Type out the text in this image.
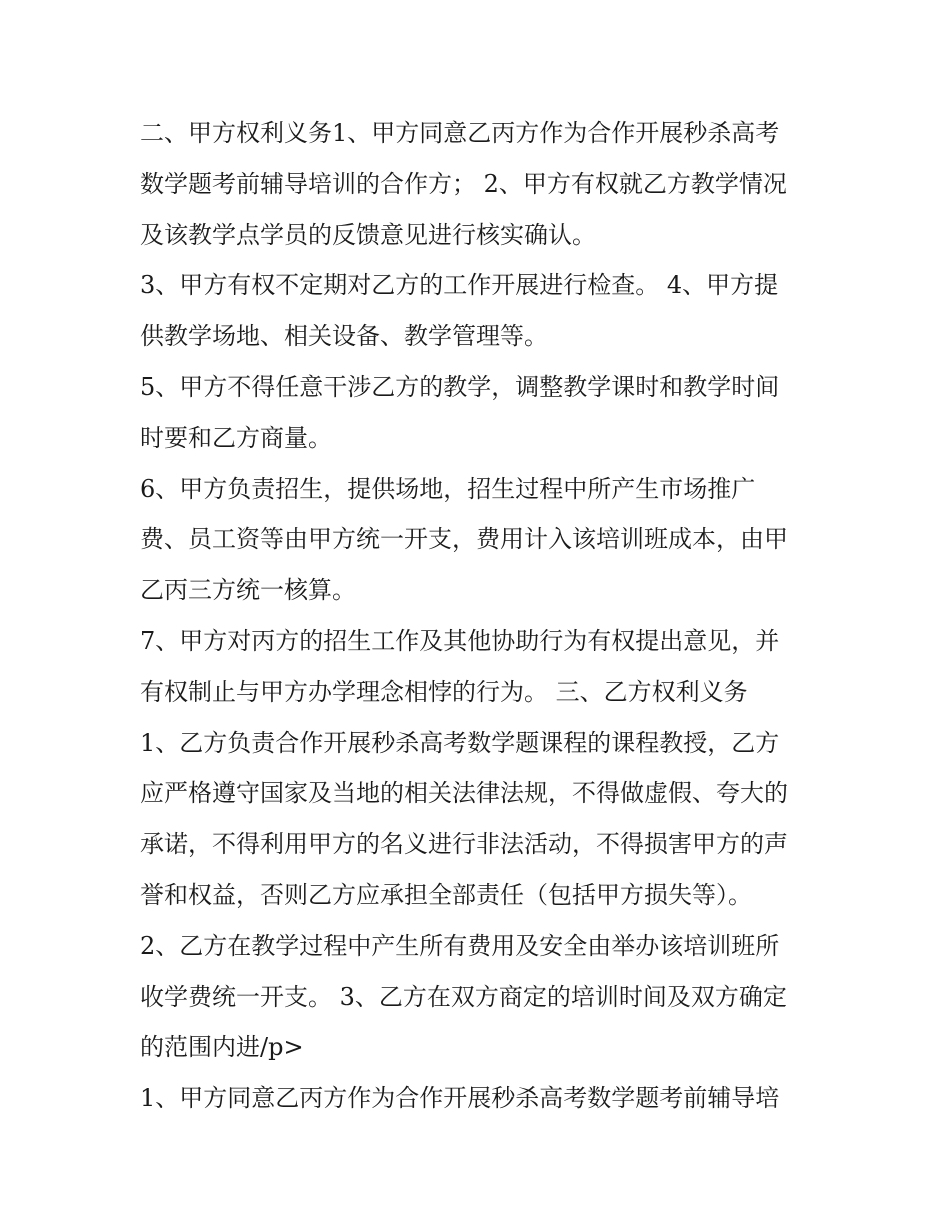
二、甲方权利义务1、甲方同意乙丙方作为合作开展秒杀高考
数学题考前辅导培训的合作方； 2、甲方有权就乙方教学情况
及该教学点学员的反馈意见进行核实确认。
3、甲方有权不定期对乙方的工作开展进行检查。 4、甲方提
供教学场地、相关设备、教学管理等。
5、甲方不得任意干涉乙方的教学，调整教学课时和教学时间
时要和乙方商量。
6、甲方负责招生，提供场地，招生过程中所产生市场推广
费、员工资等由甲方统一开支，费用计入该培训班成本，由甲
乙丙三方统一核算。
7、甲方对丙方的招生工作及其他协助行为有权提出意见，并
有权制止与甲方办学理念相悖的行为。 三、乙方权利义务
1、乙方负责合作开展秒杀高考数学题课程的课程教授，乙方
应严格遵守国家及当地的相关法律法规，不得做虚假、夸大的
承诺，不得利用甲方的名义进行非法活动，不得损害甲方的声
誉和权益，否则乙方应承担全部责任（包括甲方损失等）。
2、乙方在教学过程中产生所有费用及安全由举办该培训班所
收学费统一开支。 3、乙方在双方商定的培训时间及双方确定
的范围内进/p>
1、甲方同意乙丙方作为合作开展秒杀高考数学题考前辅导培
